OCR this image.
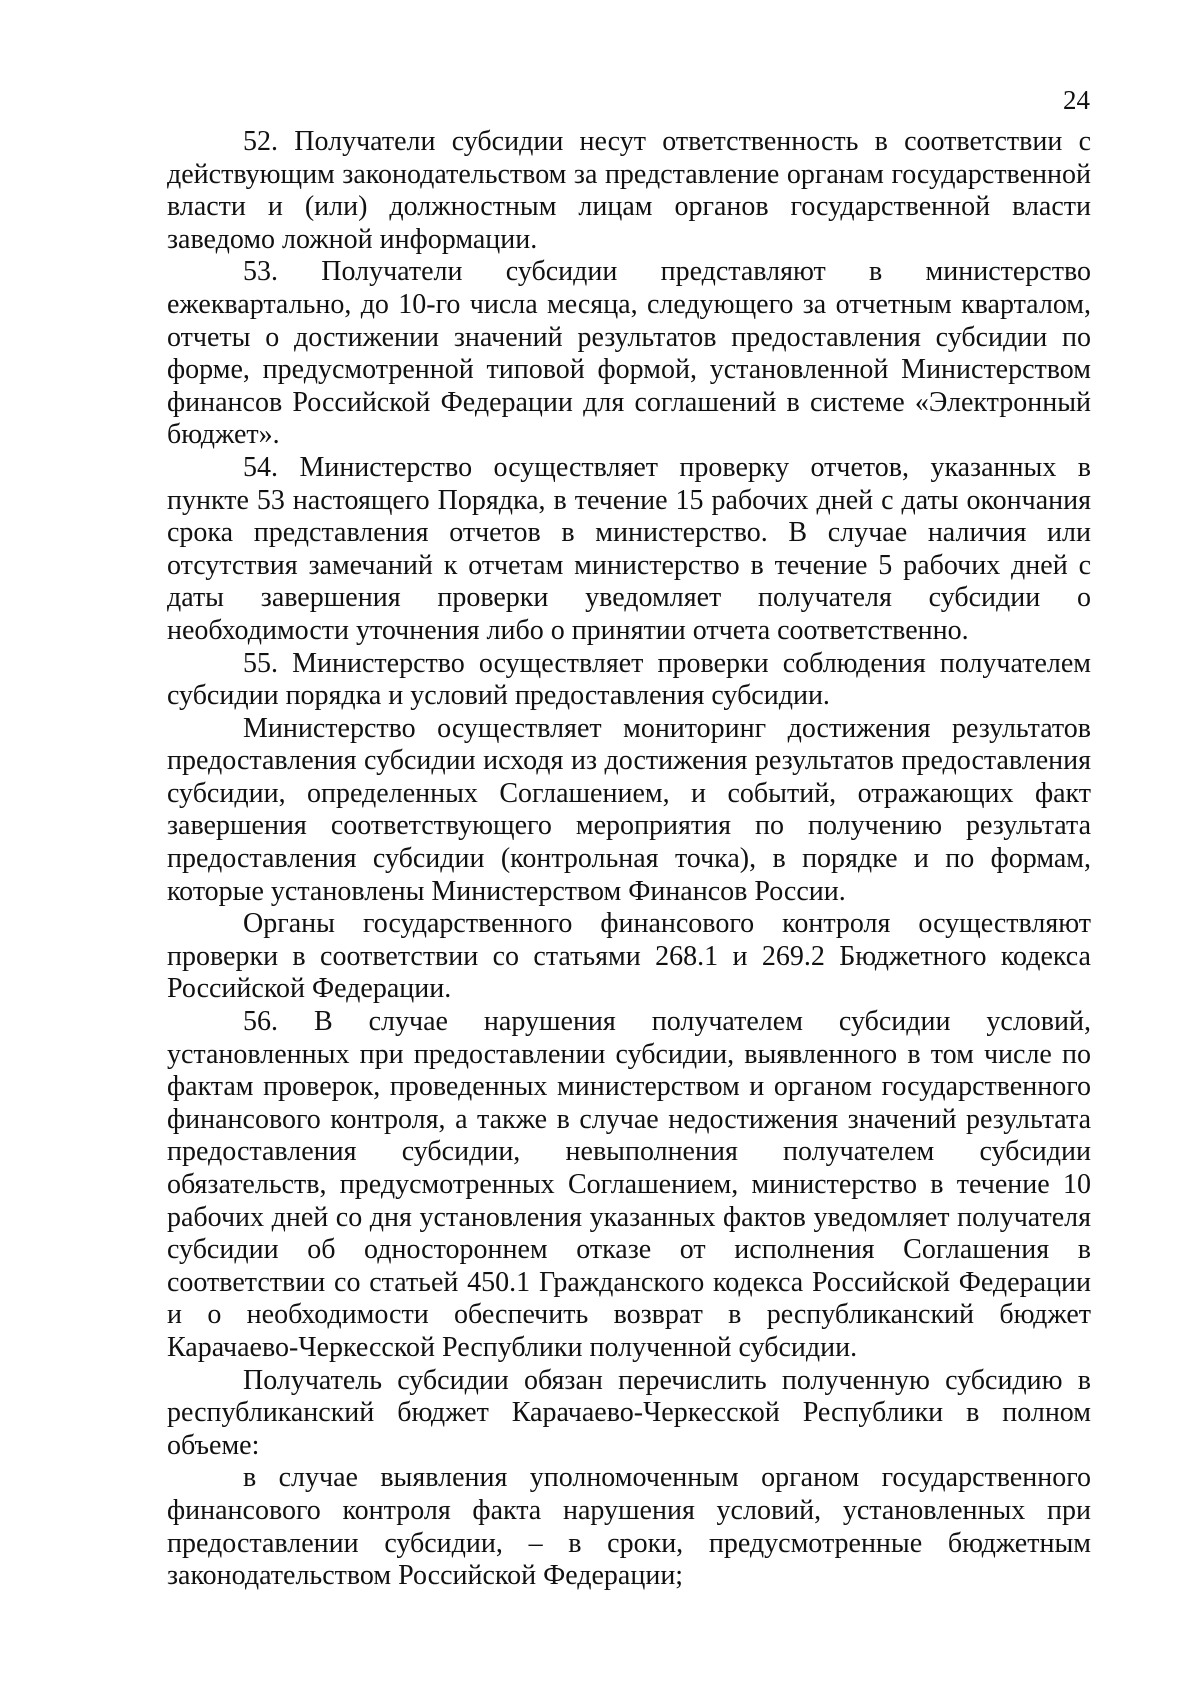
24

52. Получатели субсидии несут ответственность в соответствии с действующим законодательством за представление органам государственной власти и (или) должностным лицам органов государственной власти заведомо ложной информации.

53. Получатели субсидии представляют в министерство ежеквартально, до 10-го числа месяца, следующего за отчетным кварталом, отчеты о достижении значений результатов предоставления субсидии по форме, предусмотренной типовой формой, установленной Министерством финансов Российской Федерации для соглашений в системе «Электронный бюджет».

54. Министерство осуществляет проверку отчетов, указанных в пункте 53 настоящего Порядка, в течение 15 рабочих дней с даты окончания срока представления отчетов в министерство. В случае наличия или отсутствия замечаний к отчетам министерство в течение 5 рабочих дней с даты завершения проверки уведомляет получателя субсидии о необходимости уточнения либо о принятии отчета соответственно.

55. Министерство осуществляет проверки соблюдения получателем субсидии порядка и условий предоставления субсидии.

Министерство осуществляет мониторинг достижения результатов предоставления субсидии исходя из достижения результатов предоставления субсидии, определенных Соглашением, и событий, отражающих факт завершения соответствующего мероприятия по получению результата предоставления субсидии (контрольная точка), в порядке и по формам, которые установлены Министерством Финансов России.

Органы государственного финансового контроля осуществляют проверки в соответствии со статьями 268.1 и 269.2 Бюджетного кодекса Российской Федерации.

56. В случае нарушения получателем субсидии условий, установленных при предоставлении субсидии, выявленного в том числе по фактам проверок, проведенных министерством и органом государственного финансового контроля, а также в случае недостижения значений результата предоставления субсидии, невыполнения получателем субсидии обязательств, предусмотренных Соглашением, министерство в течение 10 рабочих дней со дня установления указанных фактов уведомляет получателя субсидии об одностороннем отказе от исполнения Соглашения в соответствии со статьей 450.1 Гражданского кодекса Российской Федерации и о необходимости обеспечить возврат в республиканский бюджет Карачаево-Черкесской Республики полученной субсидии.

Получатель субсидии обязан перечислить полученную субсидию в республиканский бюджет Карачаево-Черкесской Республики в полном объеме:

в случае выявления уполномоченным органом государственного финансового контроля факта нарушения условий, установленных при предоставлении субсидии, – в сроки, предусмотренные бюджетным законодательством Российской Федерации;
